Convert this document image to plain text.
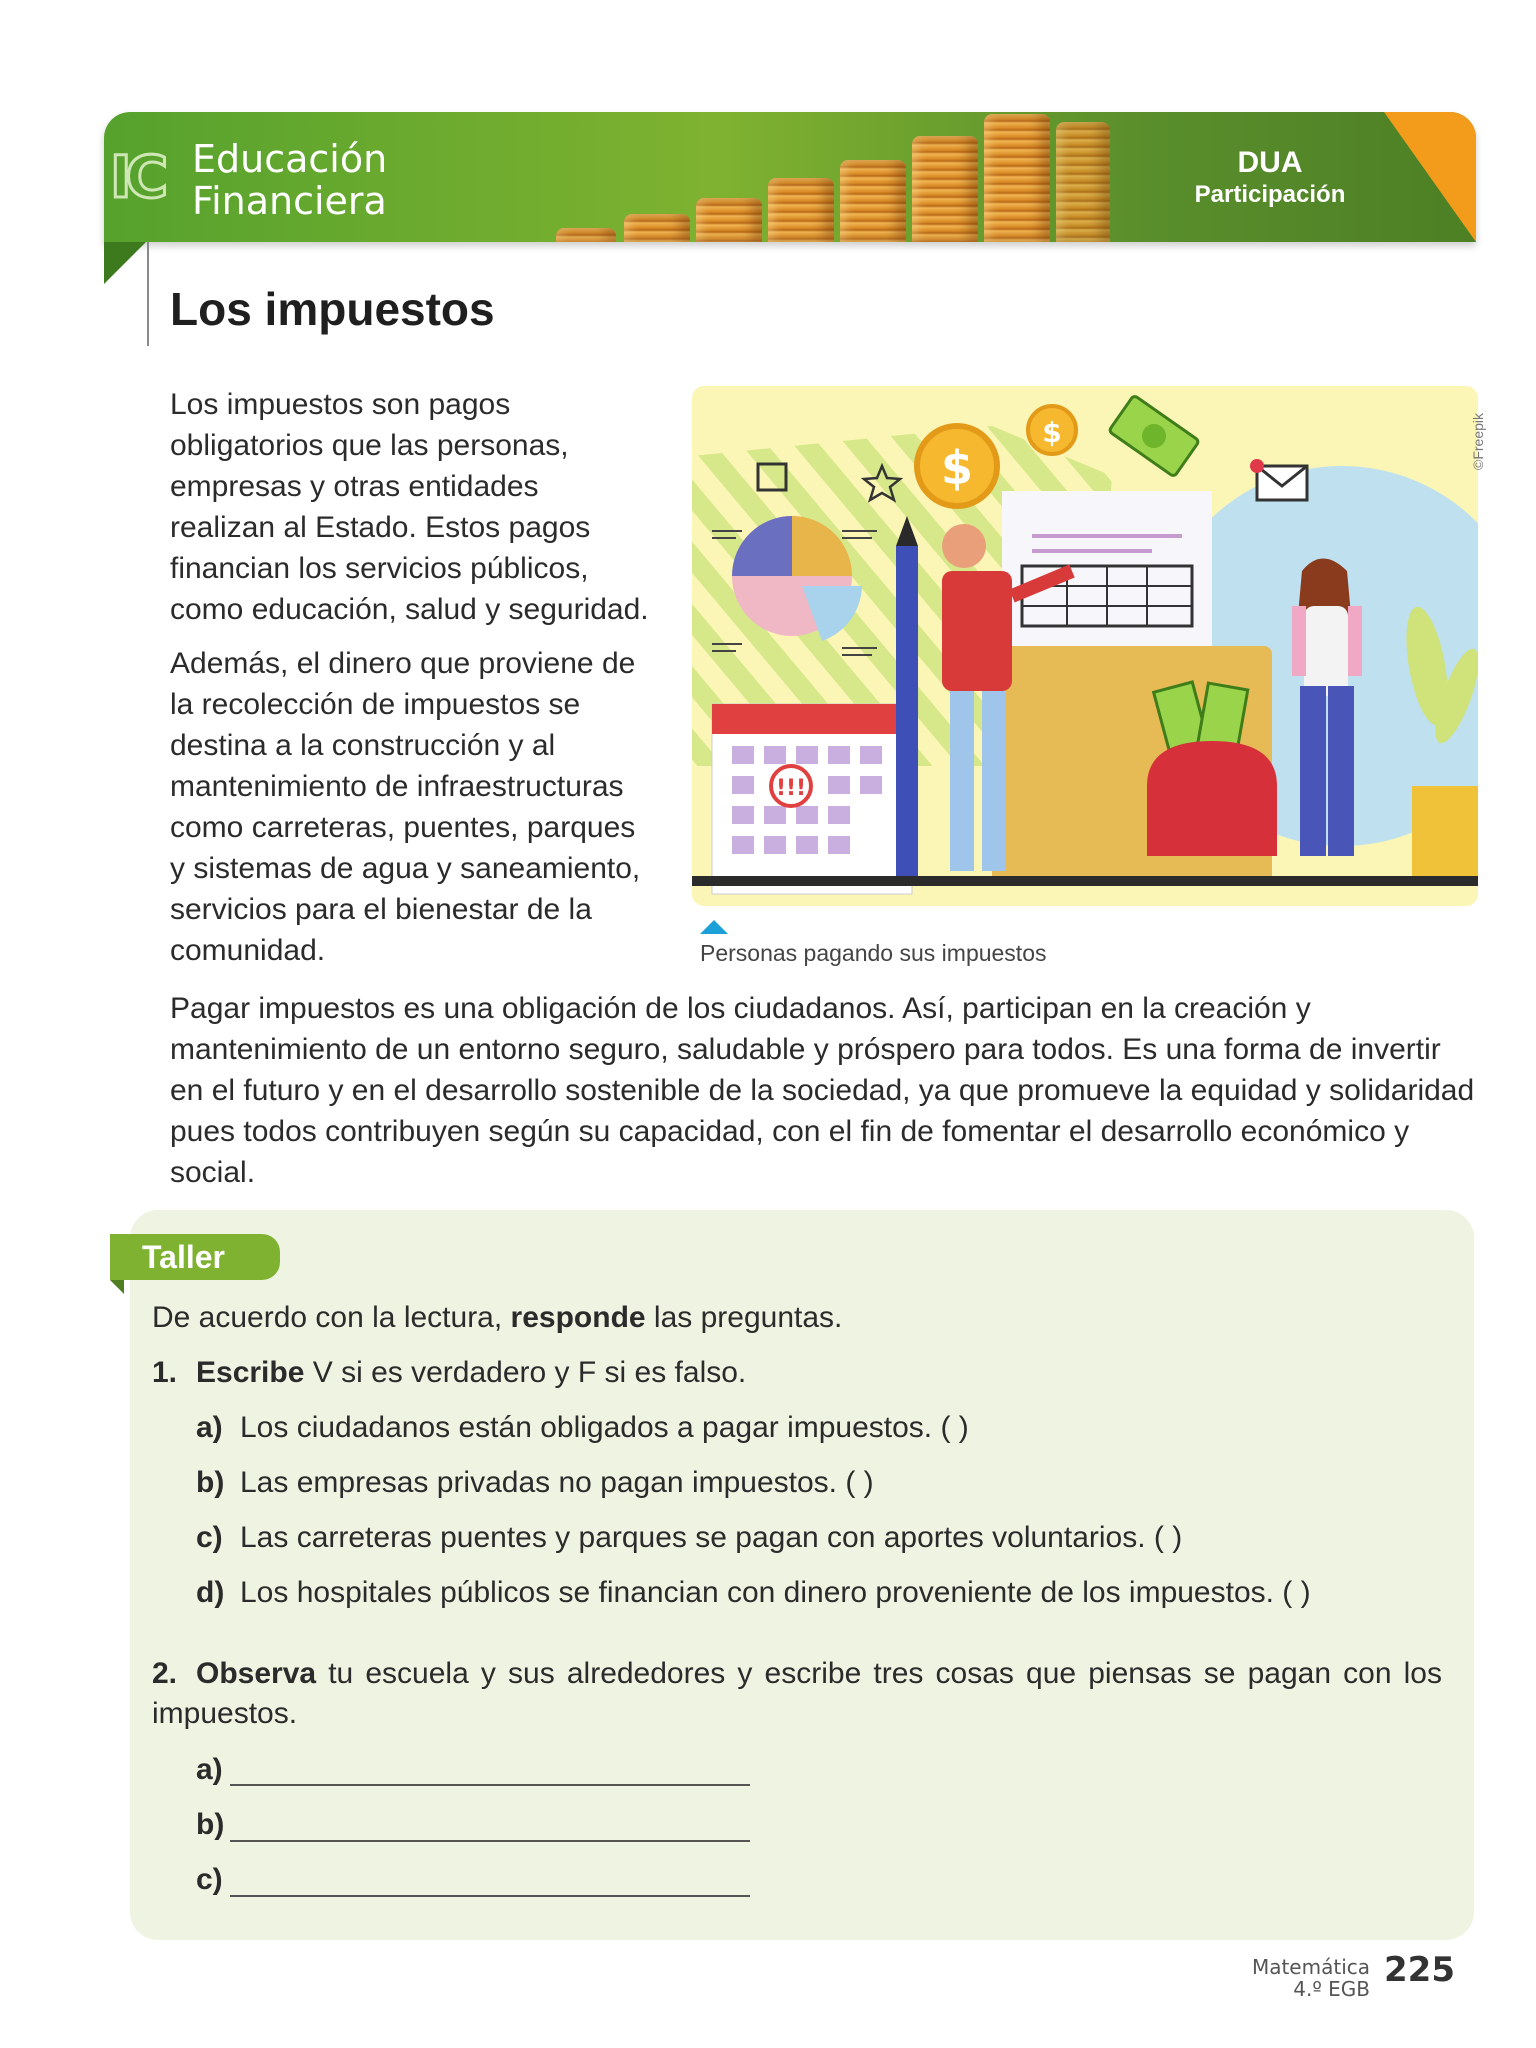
IC Educación
Financiera
DUA
Participación
Los impuestos
Los impuestos son pagos obligatorios que las personas, empresas y otras entidades realizan al Estado. Estos pagos financian los servicios públicos, como educación, salud y seguridad.
Además, el dinero que proviene de la recolección de impuestos se destina a la construcción y al mantenimiento de infraestructuras como carreteras, puentes, parques y sistemas de agua y saneamiento, servicios para el bienestar de la comunidad.
$
$
!!!
©Freepik
Personas pagando sus impuestos
Pagar impuestos es una obligación de los ciudadanos. Así, participan en la creación y mantenimiento de un entorno seguro, saludable y próspero para todos. Es una forma de invertir en el futuro y en el desarrollo sostenible de la sociedad, ya que promueve la equidad y solidaridad pues todos contribuyen según su capacidad, con el fin de fomentar el desarrollo económico y social.
Taller
De acuerdo con la lectura, responde las preguntas.
1. Escribe V si es verdadero y F si es falso.
a) Los ciudadanos están obligados a pagar impuestos. ( )
b) Las empresas privadas no pagan impuestos. ( )
c) Las carreteras puentes y parques se pagan con aportes voluntarios. ( )
d) Los hospitales públicos se financian con dinero proveniente de los impuestos. ( )
2. Observa tu escuela y sus alrededores y escribe tres cosas que piensas se pagan con los impuestos.
a)
b)
c)
Matemática
4.º EGB 225
